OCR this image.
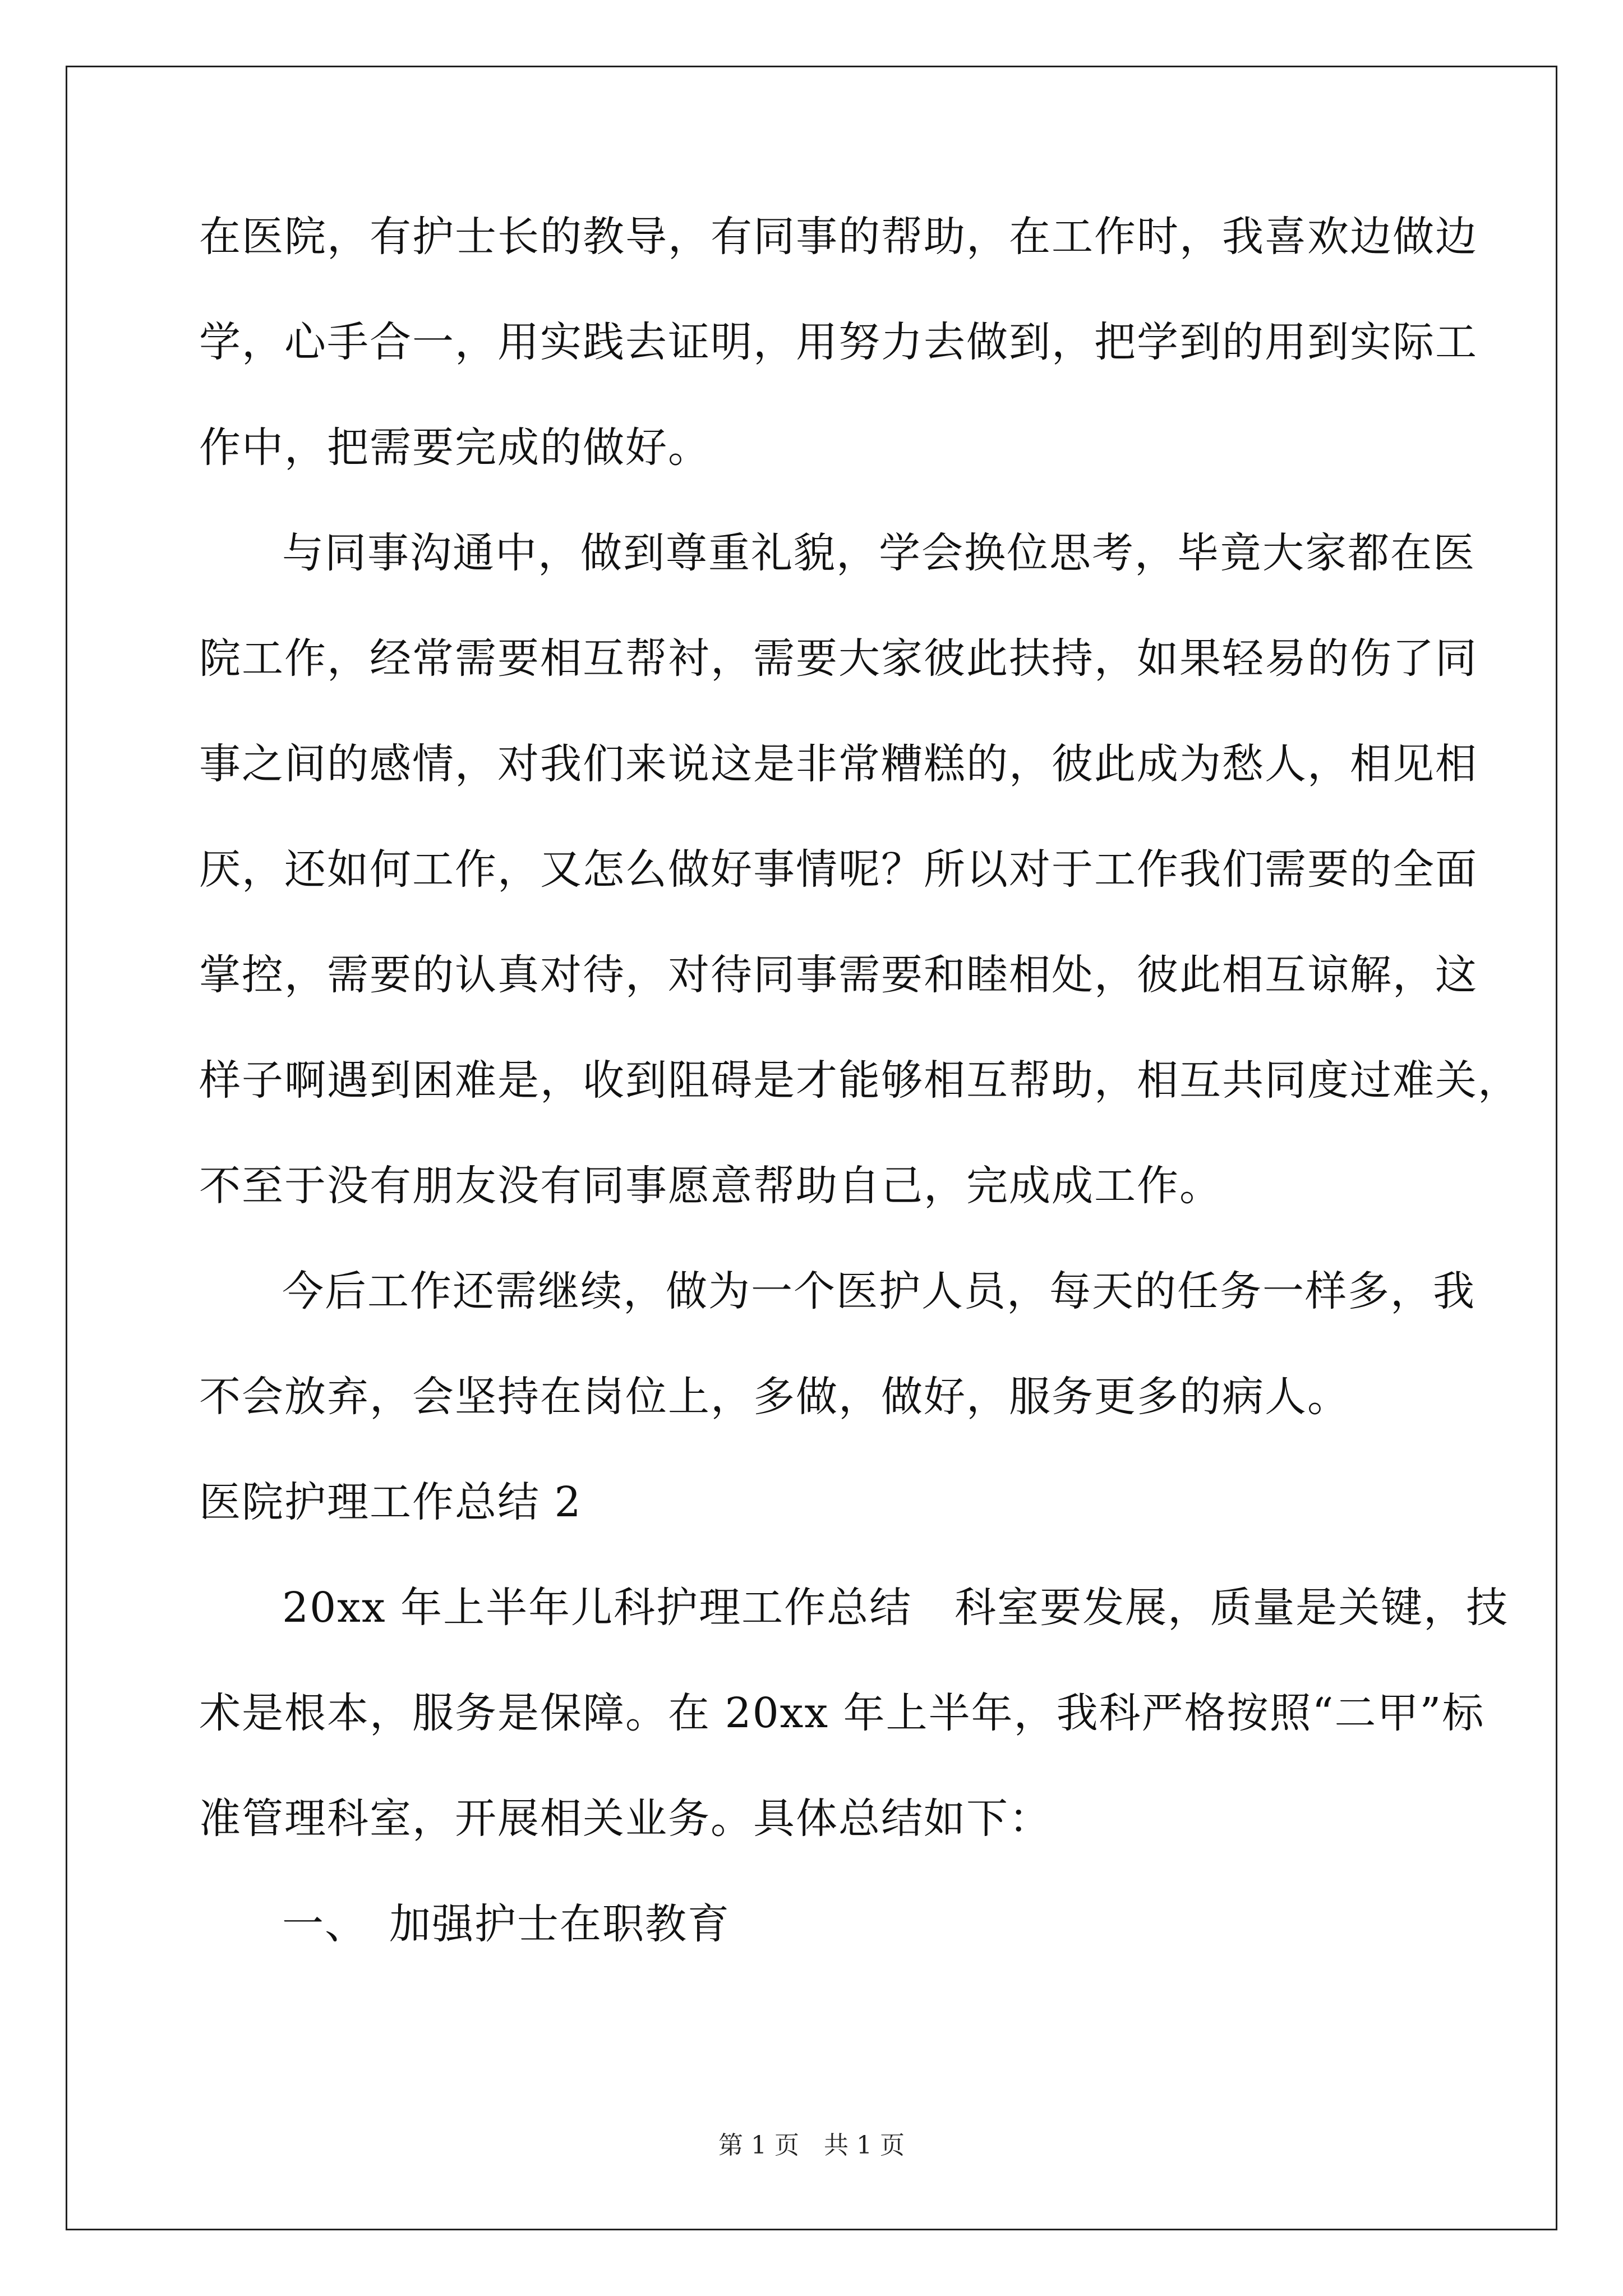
在医院，有护士长的教导，有同事的帮助，在工作时，我喜欢边做边
学，心手合一，用实践去证明，用努力去做到，把学到的用到实际工
作中，把需要完成的做好。
与同事沟通中，做到尊重礼貌，学会换位思考，毕竟大家都在医
院工作，经常需要相互帮衬，需要大家彼此扶持，如果轻易的伤了同
事之间的感情，对我们来说这是非常糟糕的，彼此成为愁人，相见相
厌，还如何工作，又怎么做好事情呢？所以对于工作我们需要的全面
掌控，需要的认真对待，对待同事需要和睦相处，彼此相互谅解，这
样子啊遇到困难是，收到阻碍是才能够相互帮助，相互共同度过难关，
不至于没有朋友没有同事愿意帮助自己，完成成工作。
今后工作还需继续，做为一个医护人员，每天的任务一样多，我
不会放弃，会坚持在岗位上，多做，做好，服务更多的病人。
医院护理工作总结 2
20xx 年上半年儿科护理工作总结　科室要发展，质量是关键，技
术是根本，服务是保障。在 20xx 年上半年，我科严格按照“二甲”标
准管理科室，开展相关业务。具体总结如下：
一、　加强护士在职教育
第 1 页　共 1 页
